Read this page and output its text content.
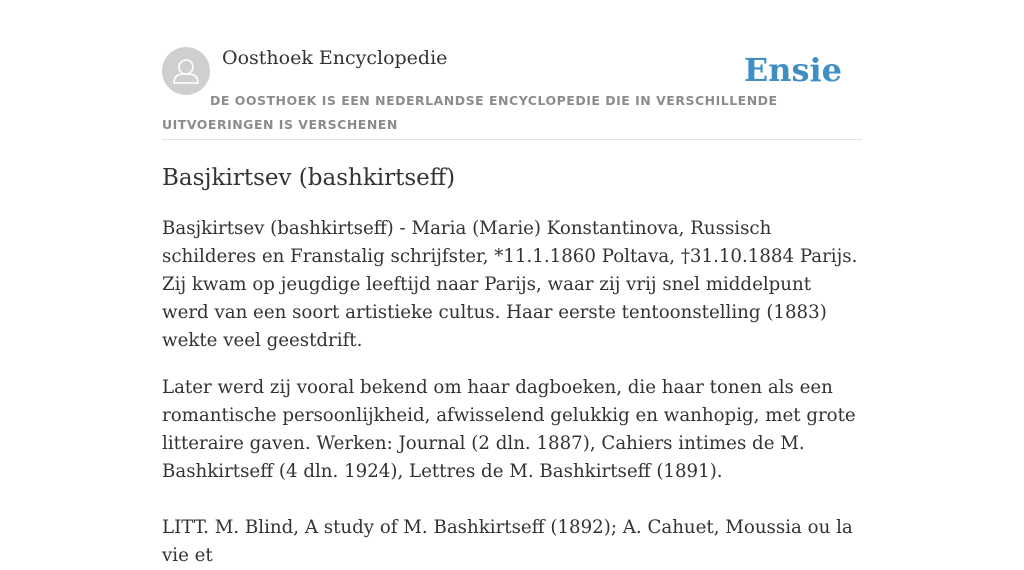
Oosthoek Encyclopedie	Ensie
DE OOSTHOEK IS EEN NEDERLANDSE ENCYCLOPEDIE DIE IN VERSCHILLENDE UITVOERINGEN IS VERSCHENEN
Basjkirtsev (bashkirtseff)

Basjkirtsev (bashkirtseff) - Maria (Marie) Konstantinova, Russisch schilderes en Franstalig schrijfster, *11.1.1860 Poltava, †31.10.1884 Parijs. Zij kwam op jeugdige leeftijd naar Parijs, waar zij vrij snel middelpunt werd van een soort artistieke cultus. Haar eerste tentoonstelling (1883) wekte veel geestdrift.

Later werd zij vooral bekend om haar dagboeken, die haar tonen als een romantische persoonlijkheid, afwisselend gelukkig en wanhopig, met grote litteraire gaven. Werken: Journal (2 dln. 1887), Cahiers intimes de M. Bashkirtseff (4 dln. 1924), Lettres de M. Bashkirtseff (1891).

LITT. M. Blind, A study of M. Bashkirtseff (1892); A. Cahuet, Moussia ou la vie et
